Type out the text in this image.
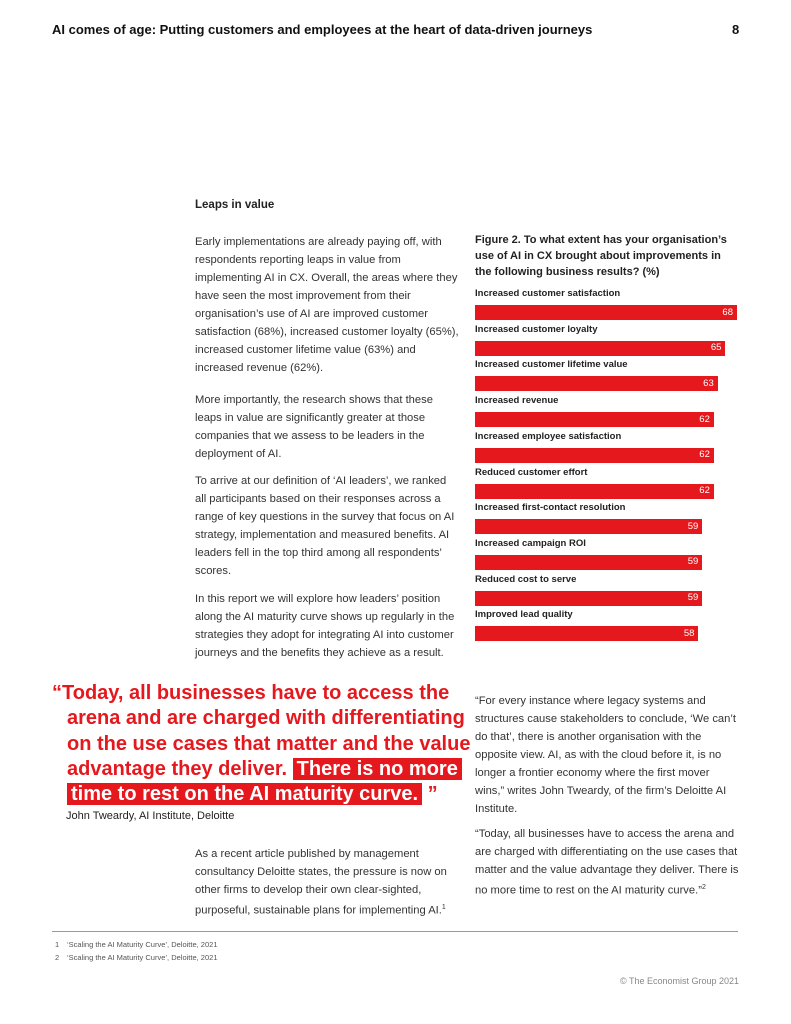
AI comes of age: Putting customers and employees at the heart of data-driven journeys	8
Leaps in value

Early implementations are already paying off, with respondents reporting leaps in value from implementing AI in CX. Overall, the areas where they have seen the most improvement from their organisation’s use of AI are improved customer satisfaction (68%), increased customer loyalty (65%), increased customer lifetime value (63%) and increased revenue (62%).

More importantly, the research shows that these leaps in value are significantly greater at those companies that we assess to be leaders in the deployment of AI.

To arrive at our definition of ‘AI leaders’, we ranked all participants based on their responses across a range of key questions in the survey that focus on AI strategy, implementation and measured benefits. AI leaders fell in the top third among all respondents’ scores.

In this report we will explore how leaders’ position along the AI maturity curve shows up regularly in the strategies they adopt for integrating AI into customer journeys and the benefits they achieve as a result.

As a recent article published by management consultancy Deloitte states, the pressure is now on other firms to develop their own clear-sighted, purposeful, sustainable plans for implementing AI.$^1$

Figure 2. To what extent has your organisation’s use of AI in CX brought about improvements in the following business results? (%)
Increased customer satisfaction
68
Increased customer loyalty
65
Increased customer lifetime value
63
Increased revenue
62
Increased employee satisfaction
62
Reduced customer effort
62
Increased first-contact resolution
59
Increased campaign ROI
59
Reduced cost to serve
59
Improved lead quality
58
“Today, all businesses have to access the
arena and are charged with differentiating
on the use cases that matter and the value
advantage they deliver. There is no more
time to rest on the AI maturity curve. ”
John Tweardy, AI Institute, Deloitte

“For every instance where legacy systems and structures cause stakeholders to conclude, ‘We can’t do that’, there is another organisation with the opposite view. AI, as with the cloud before it, is no longer a frontier economy where the first mover wins,” writes John Tweardy, of the firm’s Deloitte AI Institute.

“Today, all businesses have to access the arena and are charged with differentiating on the use cases that matter and the value advantage they deliver. There is no more time to rest on the AI maturity curve.”$^2$

1 ‘Scaling the AI Maturity Curve’, Deloitte, 2021
2 ‘Scaling the AI Maturity Curve’, Deloitte, 2021
© The Economist Group 2021
